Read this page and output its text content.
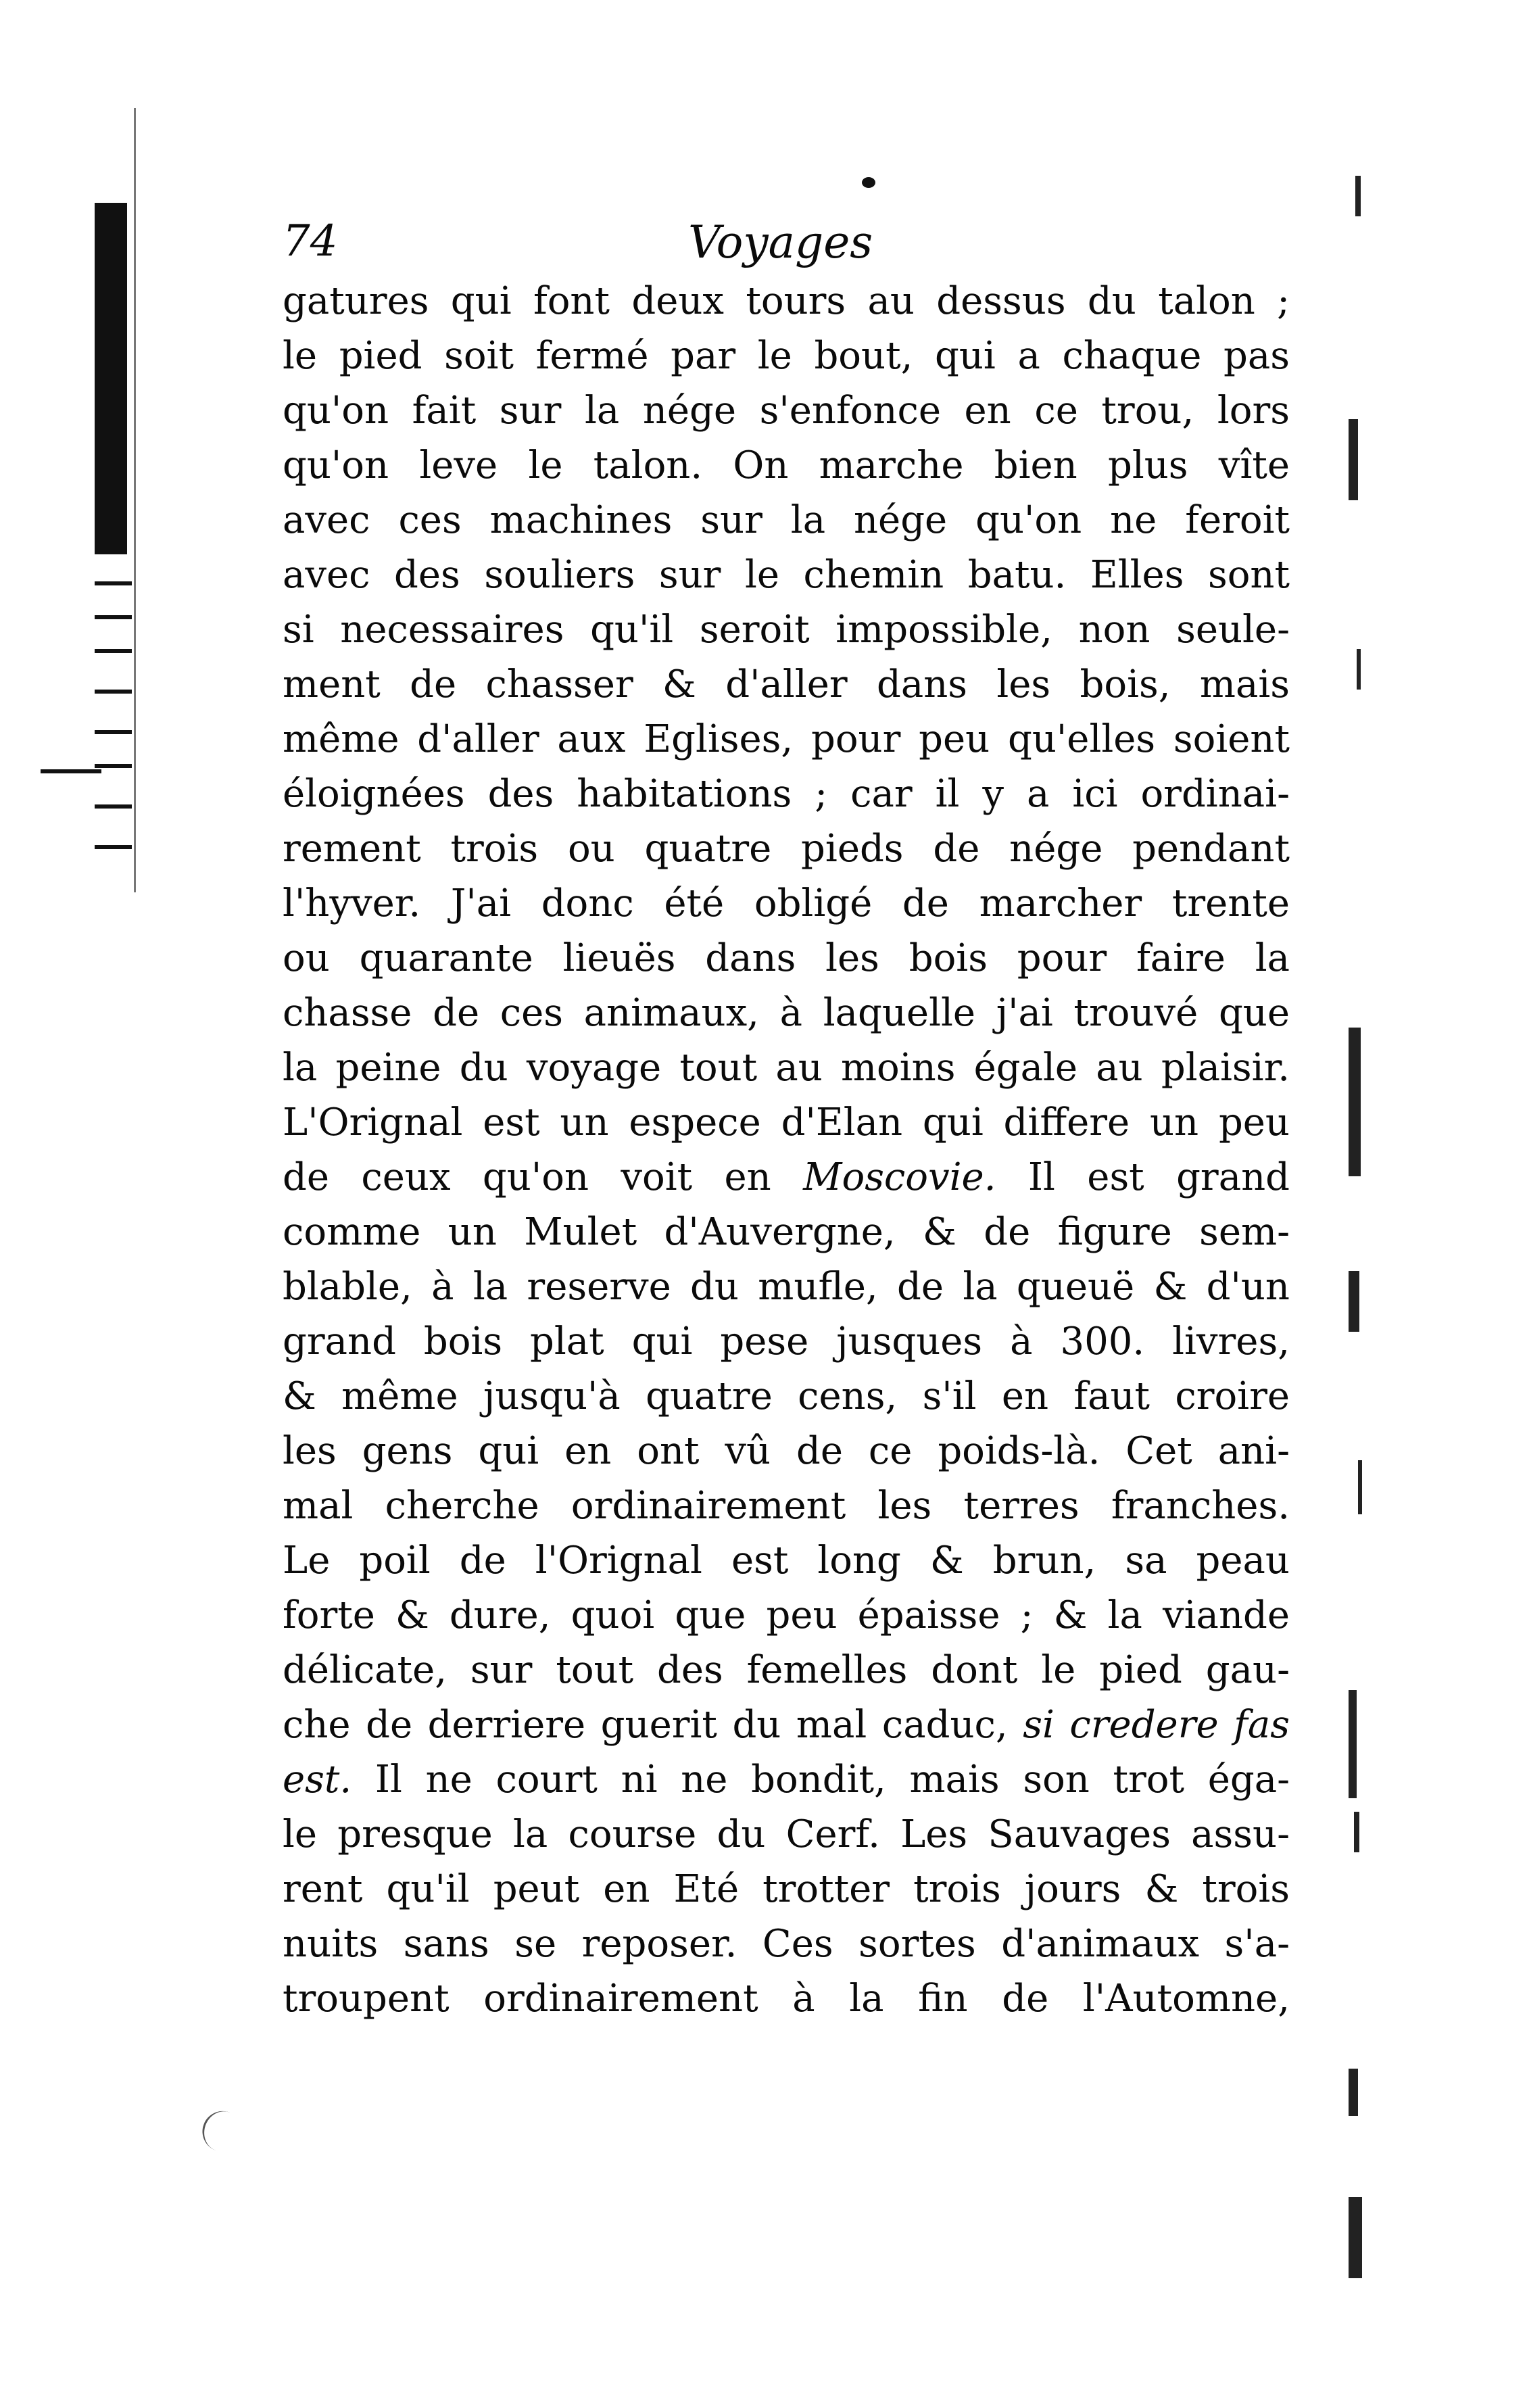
74	Voyages
gatures qui font deux tours au dessus du talon ;
le pied soit fermé par le bout, qui a chaque pas
qu'on fait sur la nége s'enfonce en ce trou, lors
qu'on leve le talon. On marche bien plus vîte
avec ces machines sur la nége qu'on ne feroit
avec des souliers sur le chemin batu. Elles sont
si necessaires qu'il seroit impossible, non seule-
ment de chasser & d'aller dans les bois, mais
même d'aller aux Eglises, pour peu qu'elles soient
éloignées des habitations ; car il y a ici ordinai-
rement trois ou quatre pieds de nége pendant
l'hyver. J'ai donc été obligé de marcher trente
ou quarante lieuës dans les bois pour faire la
chasse de ces animaux, à laquelle j'ai trouvé que
la peine du voyage tout au moins égale au plaisir.
L'Orignal est un espece d'Elan qui differe un peu
de ceux qu'on voit en Moscovie. Il est grand
comme un Mulet d'Auvergne, & de figure sem-
blable, à la reserve du mufle, de la queuë & d'un
grand bois plat qui pese jusques à 300. livres,
& même jusqu'à quatre cens, s'il en faut croire
les gens qui en ont vû de ce poids-là. Cet ani-
mal cherche ordinairement les terres franches.
Le poil de l'Orignal est long & brun, sa peau
forte & dure, quoi que peu épaisse ; & la viande
délicate, sur tout des femelles dont le pied gau-
che de derriere guerit du mal caduc, si credere fas
est. Il ne court ni ne bondit, mais son trot éga-
le presque la course du Cerf. Les Sauvages assu-
rent qu'il peut en Eté trotter trois jours & trois
nuits sans se reposer. Ces sortes d'animaux s'a-
troupent ordinairement à la fin de l'Automne,
